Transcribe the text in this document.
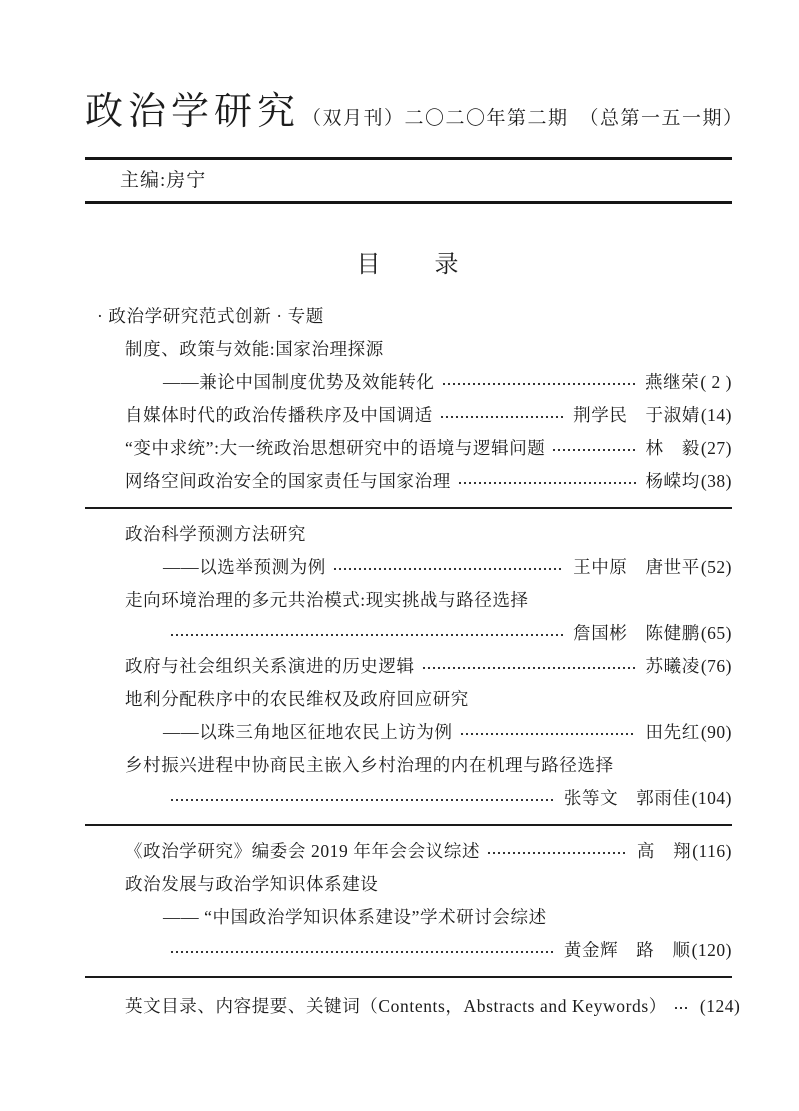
政治学研究 （双月刊）二〇二〇年第二期　（总第一五一期）
主编:房宁
目　　录
· 政治学研究范式创新 · 专题
制度、政策与效能:国家治理探源
——兼论中国制度优势及效能转化	燕继荣 ( 2 )
自媒体时代的政治传播秩序及中国调适	荆学民　于淑婧 (14)
“变中求统”:大一统政治思想研究中的语境与逻辑问题	林　毅 (27)
网络空间政治安全的国家责任与国家治理	杨嵘均 (38)
政治科学预测方法研究
——以选举预测为例	王中原　唐世平 (52)
走向环境治理的多元共治模式:现实挑战与路径选择
詹国彬　陈健鹏 (65)
政府与社会组织关系演进的历史逻辑	苏曦凌 (76)
地利分配秩序中的农民维权及政府回应研究
——以珠三角地区征地农民上访为例	田先红 (90)
乡村振兴进程中协商民主嵌入乡村治理的内在机理与路径选择
张等文　郭雨佳 (104)
《政治学研究》编委会 2019 年年会会议综述	高　翔 (116)
政治发展与政治学知识体系建设
—— “中国政治学知识体系建设”学术研讨会综述
黄金辉　路　顺 (120)
英文目录、内容提要、关键词（Contents，Abstracts and Keywords） (124)
